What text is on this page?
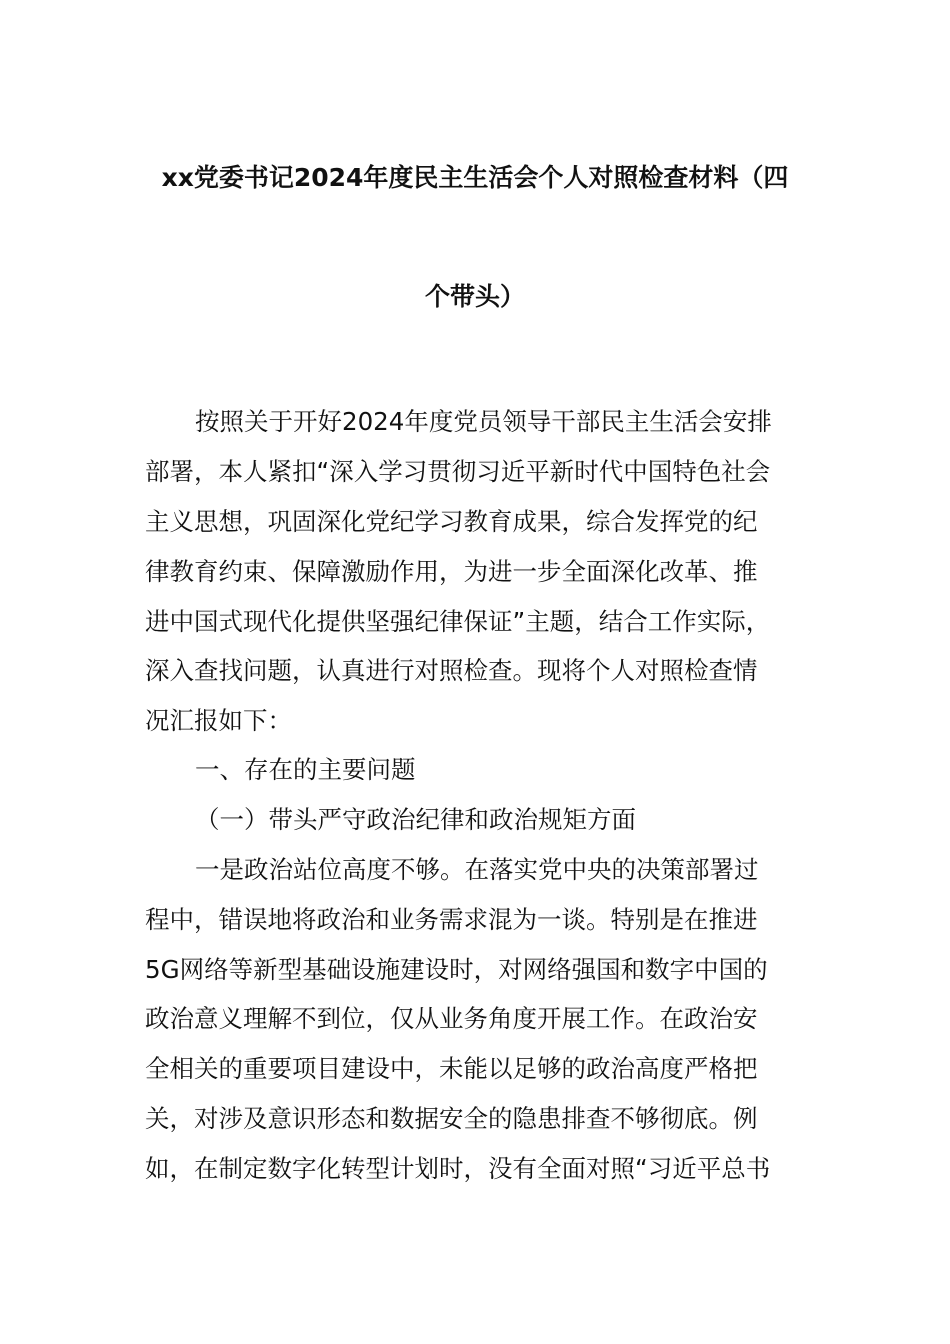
xx党委书记2024年度民主生活会个人对照检查材料（四
个带头）
按照关于开好2024年度党员领导干部民主生活会安排
部署，本人紧扣“深入学习贯彻习近平新时代中国特色社会
主义思想，巩固深化党纪学习教育成果，综合发挥党的纪
律教育约束、保障激励作用，为进一步全面深化改革、推
进中国式现代化提供坚强纪律保证”主题，结合工作实际，
深入查找问题，认真进行对照检查。现将个人对照检查情
况汇报如下：
一、存在的主要问题
（一）带头严守政治纪律和政治规矩方面
一是政治站位高度不够。在落实党中央的决策部署过
程中，错误地将政治和业务需求混为一谈。特别是在推进
5G网络等新型基础设施建设时，对网络强国和数字中国的
政治意义理解不到位，仅从业务角度开展工作。在政治安
全相关的重要项目建设中，未能以足够的政治高度严格把
关，对涉及意识形态和数据安全的隐患排查不够彻底。例
如，在制定数字化转型计划时，没有全面对照“习近平总书
